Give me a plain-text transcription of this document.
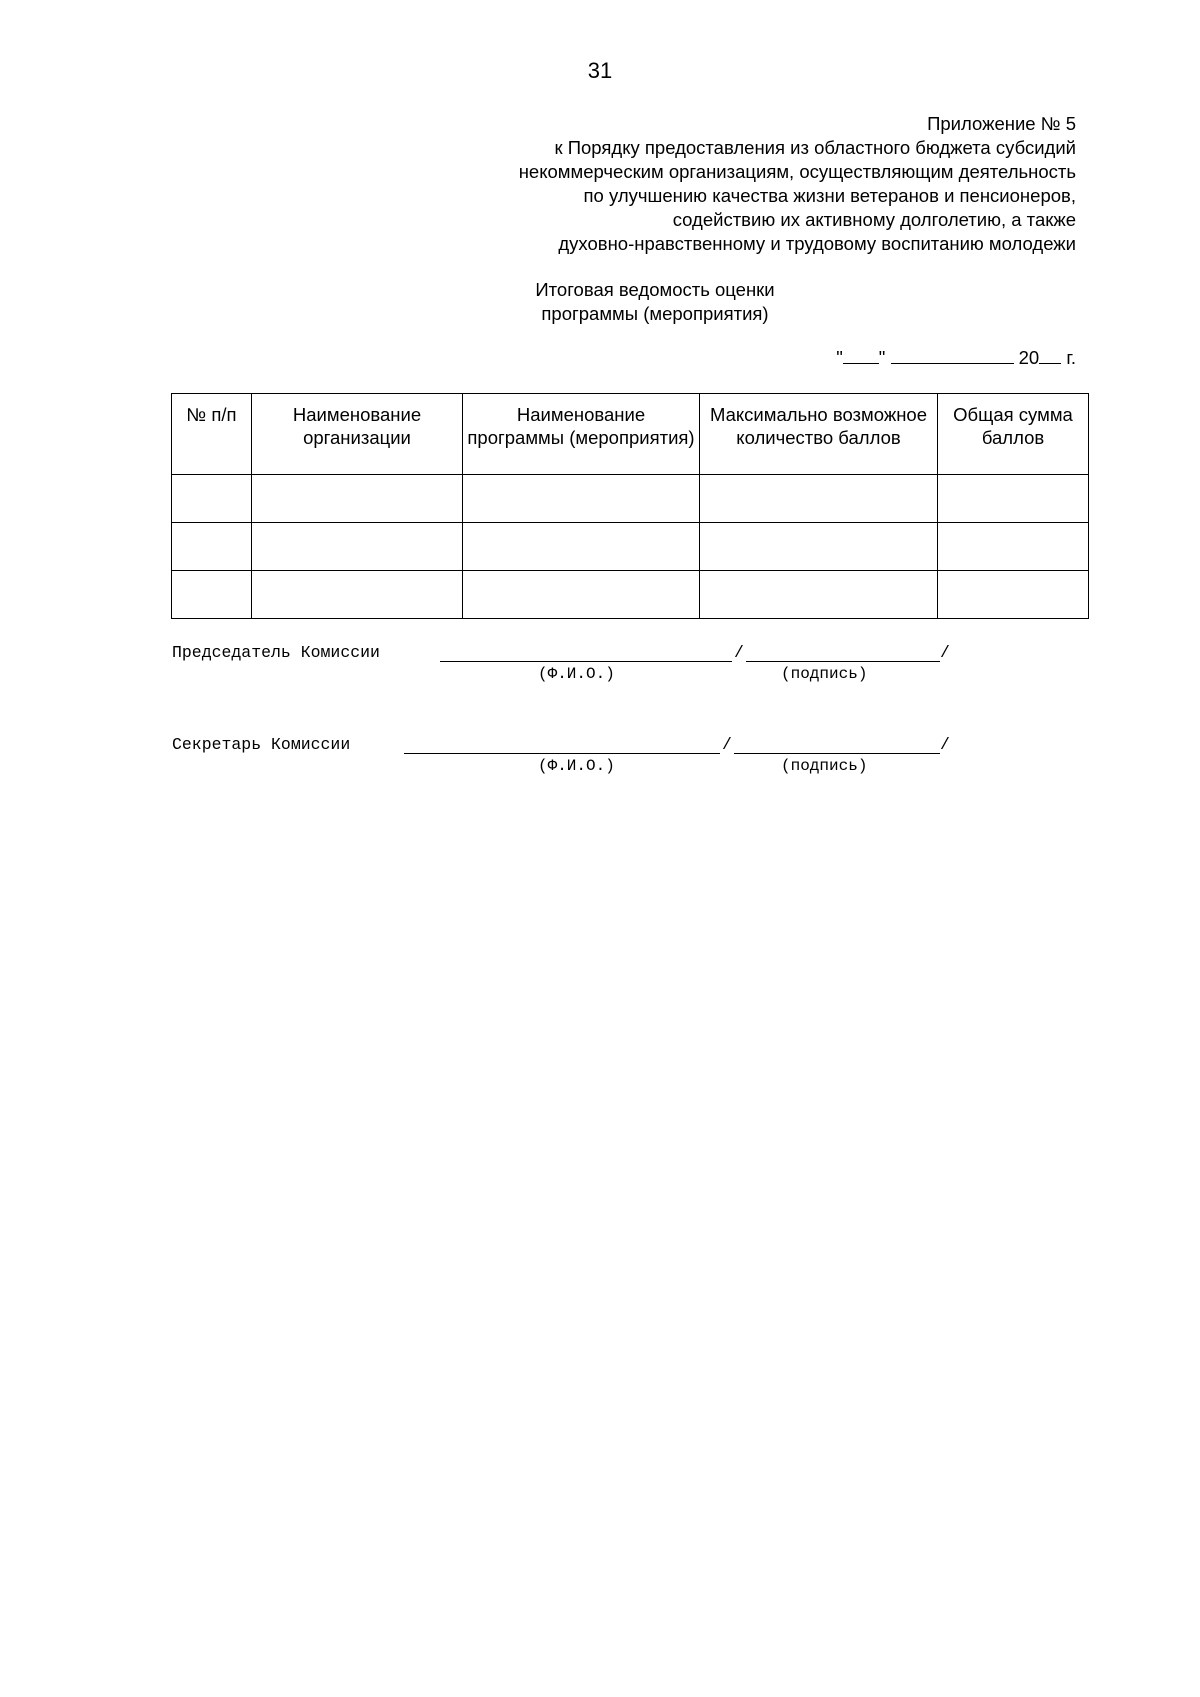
31
Приложение № 5
к Порядку предоставления из областного бюджета субсидий
некоммерческим организациям, осуществляющим деятельность
по улучшению качества жизни ветеранов и пенсионеров,
содействию их активному долголетию, а также
духовно-нравственному и трудовому воспитанию молодежи
Итоговая ведомость оценки
программы (мероприятия)
" "	20 г.
№ п/п	Наименование организации	Наименование программы (мероприятия)	Максимально возможное количество баллов	Общая сумма баллов

Председатель Комиссии	/	/
(Ф.И.О.)	(подпись)
Секретарь Комиссии	/	/
(Ф.И.О.)	(подпись)
